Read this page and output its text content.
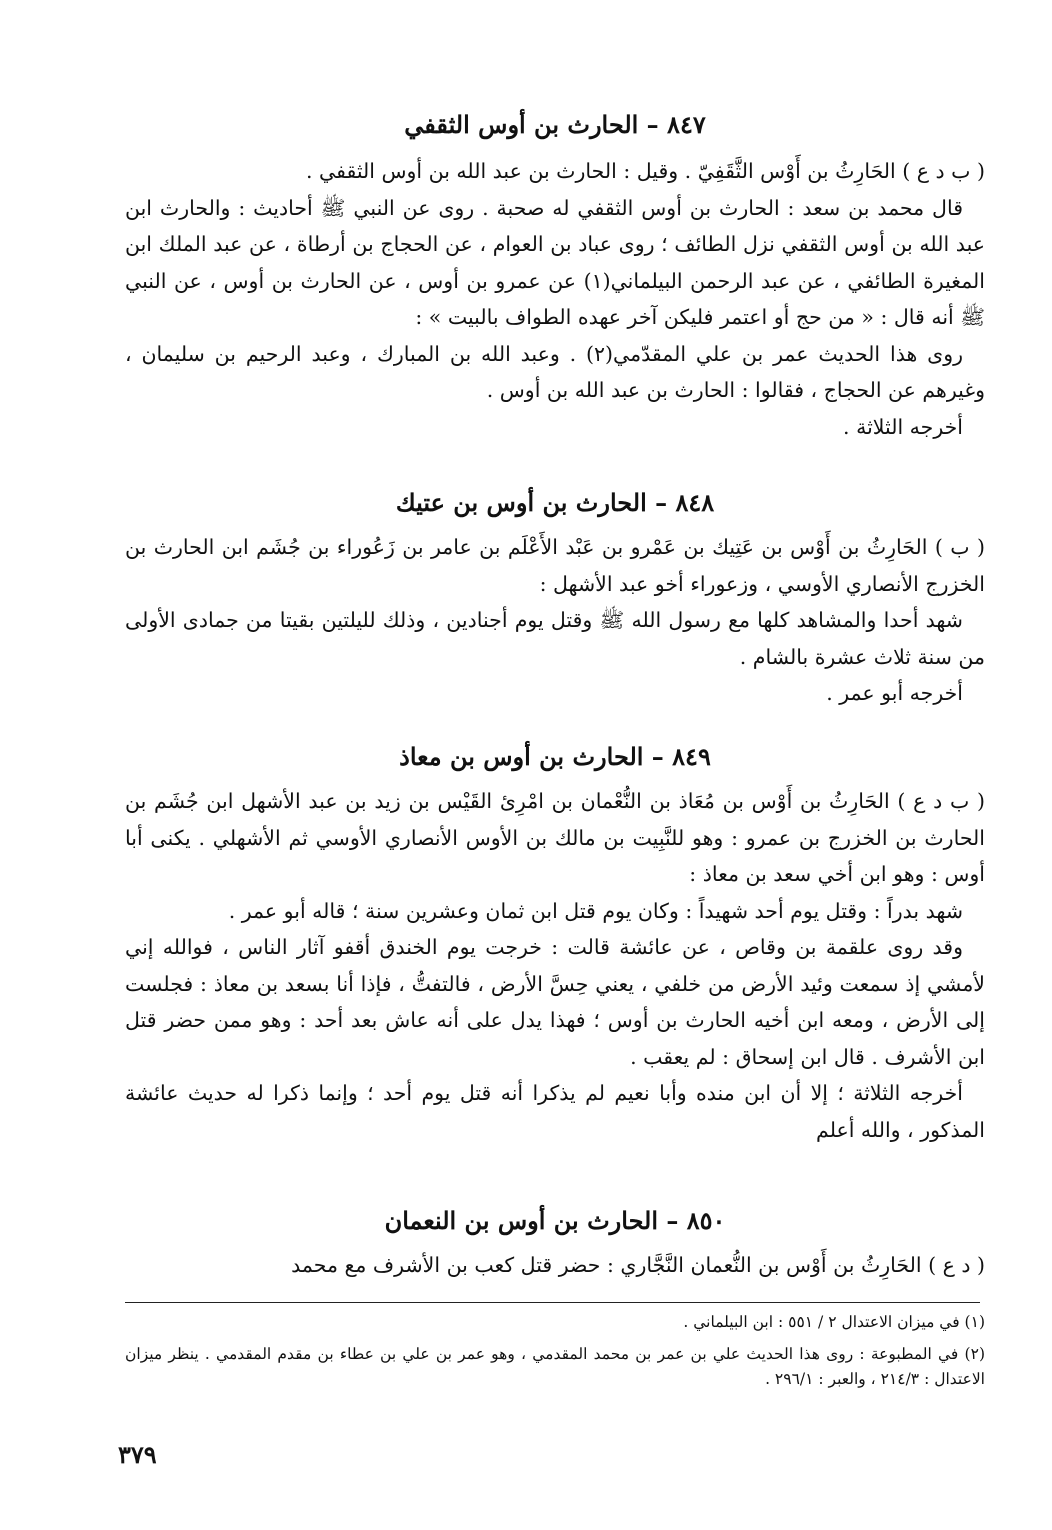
٨٤٧ – الحارث بن أوس الثقفي

( ب د ع ) الحَارِثُ بن أَوْس الثَّقَفِيّ . وقيل : الحارث بن عبد الله بن أوس الثقفي .

قال محمد بن سعد : الحارث بن أوس الثقفي له صحبة . روى عن النبي ﷺ أحاديث : والحارث ابن عبد الله بن أوس الثقفي نزل الطائف ؛ روى عباد بن العوام ، عن الحجاج بن أرطاة ، عن عبد الملك ابن المغيرة الطائفي ، عن عبد الرحمن البيلماني(١) عن عمرو بن أوس ، عن الحارث بن أوس ، عن النبي ﷺ أنه قال : « من حج أو اعتمر فليكن آخر عهده الطواف بالبيت » :

روى هذا الحديث عمر بن علي المقدّمي(٢) . وعبد الله بن المبارك ، وعبد الرحيم بن سليمان ، وغيرهم عن الحجاج ، فقالوا : الحارث بن عبد الله بن أوس .

أخرجه الثلاثة .

٨٤٨ – الحارث بن أوس بن عتيك

( ب ) الحَارِثُ بن أَوْس بن عَتِيك بن عَمْرو بن عَبْد الأَعْلَم بن عامر بن زَعُوراء بن جُشَم ابن الحارث بن الخزرج الأنصاري الأوسي ، وزعوراء أخو عبد الأشهل :

شهد أحدا والمشاهد كلها مع رسول الله ﷺ وقتل يوم أجنادين ، وذلك لليلتين بقيتا من جمادى الأولى من سنة ثلاث عشرة بالشام .

أخرجه أبو عمر .

٨٤٩ – الحارث بن أوس بن معاذ

( ب د ع ) الحَارِثُ بن أَوْس بن مُعَاذ بن النُّعْمان بن امْرِئ القَيْس بن زيد بن عبد الأشهل ابن جُشَم بن الحارث بن الخزرج بن عمرو : وهو للنَّبِيت بن مالك بن الأوس الأنصاري الأوسي ثم الأشهلي . يكنى أبا أوس : وهو ابن أخي سعد بن معاذ :

شهد بدراً : وقتل يوم أحد شهيداً : وكان يوم قتل ابن ثمان وعشرين سنة ؛ قاله أبو عمر .

وقد روى علقمة بن وقاص ، عن عائشة قالت : خرجت يوم الخندق أقفو آثار الناس ، فوالله إني لأمشي إذ سمعت وئيد الأرض من خلفي ، يعني حِسَّ الأرض ، فالتفتُّ ، فإذا أنا بسعد بن معاذ : فجلست إلى الأرض ، ومعه ابن أخيه الحارث بن أوس ؛ فهذا يدل على أنه عاش بعد أحد : وهو ممن حضر قتل ابن الأشرف . قال ابن إسحاق : لم يعقب .

أخرجه الثلاثة ؛ إلا أن ابن منده وأبا نعيم لم يذكرا أنه قتل يوم أحد ؛ وإنما ذكرا له حديث عائشة المذكور ، والله أعلم

٨٥٠ – الحارث بن أوس بن النعمان

( د ع ) الحَارِثُ بن أَوْس بن النُّعمان النَّجَّاري : حضر قتل كعب بن الأشرف مع محمد

(١) في ميزان الاعتدال ٢ / ٥٥١ : ابن البيلماني .
(٢) في المطبوعة : روى هذا الحديث علي بن عمر بن محمد المقدمي ، وهو عمر بن علي بن عطاء بن مقدم المقدمي . ينظر ميزان الاعتدال : ٢١٤/٣ ، والعبر : ٢٩٦/١ .
٣٧٩
